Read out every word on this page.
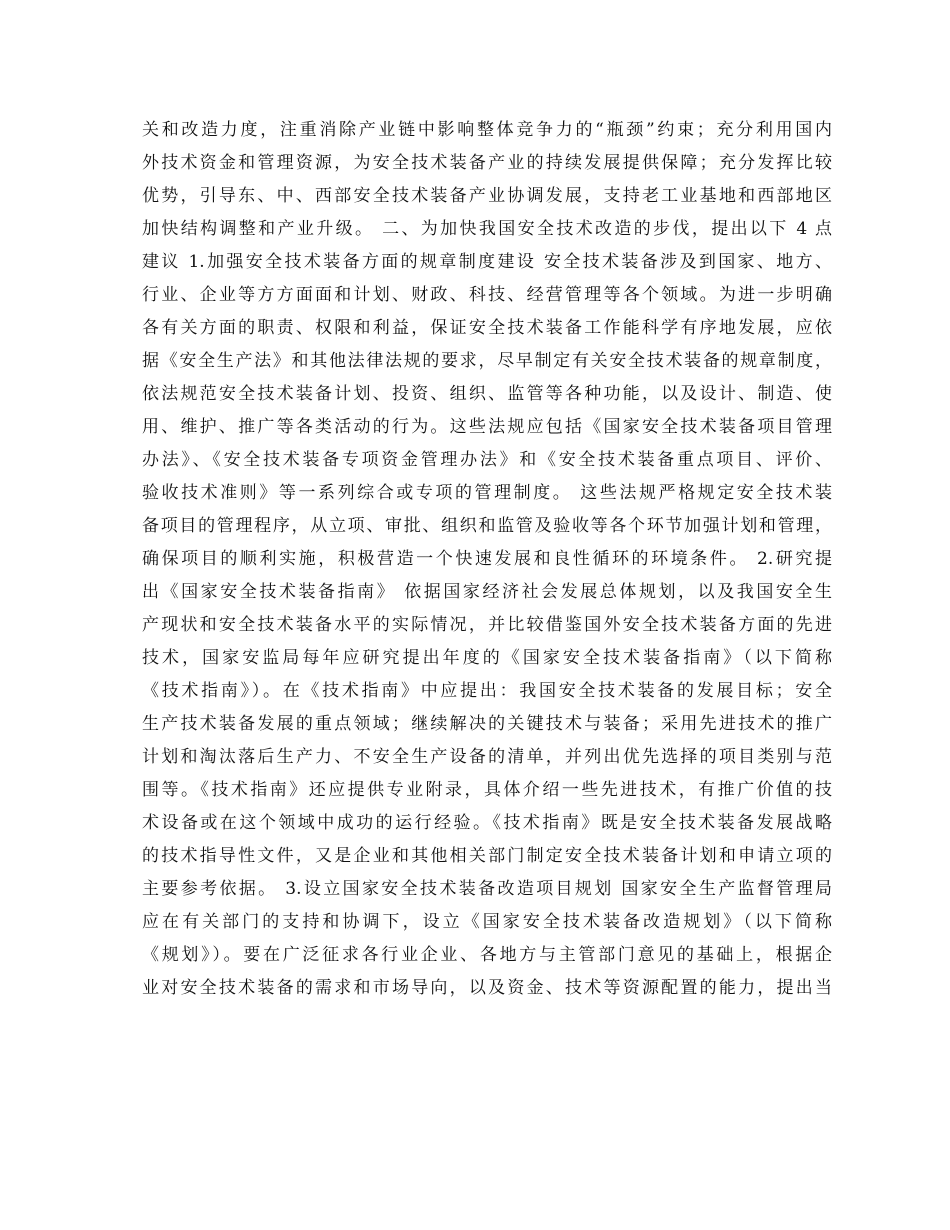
关和改造力度，注重消除产业链中影响整体竞争力的“瓶颈”约束；充分利用国内
外技术资金和管理资源，为安全技术装备产业的持续发展提供保障；充分发挥比较
优势，引导东、中、西部安全技术装备产业协调发展，支持老工业基地和西部地区
加快结构调整和产业升级。 二、为加快我国安全技术改造的步伐，提出以下 4 点
建议 1.加强安全技术装备方面的规章制度建设 安全技术装备涉及到国家、地方、
行业、企业等方方面面和计划、财政、科技、经营管理等各个领域。为进一步明确
各有关方面的职责、权限和利益，保证安全技术装备工作能科学有序地发展，应依
据《安全生产法》和其他法律法规的要求，尽早制定有关安全技术装备的规章制度，
依法规范安全技术装备计划、投资、组织、监管等各种功能，以及设计、制造、使
用、维护、推广等各类活动的行为。这些法规应包括《国家安全技术装备项目管理
办法》、《安全技术装备专项资金管理办法》和《安全技术装备重点项目、评价、
验收技术准则》等一系列综合或专项的管理制度。 这些法规严格规定安全技术装
备项目的管理程序，从立项、审批、组织和监管及验收等各个环节加强计划和管理，
确保项目的顺利实施，积极营造一个快速发展和良性循环的环境条件。 2.研究提
出《国家安全技术装备指南》 依据国家经济社会发展总体规划，以及我国安全生
产现状和安全技术装备水平的实际情况，并比较借鉴国外安全技术装备方面的先进
技术，国家安监局每年应研究提出年度的《国家安全技术装备指南》（以下简称
《技术指南》）。在《技术指南》中应提出：我国安全技术装备的发展目标；安全
生产技术装备发展的重点领域；继续解决的关键技术与装备；采用先进技术的推广
计划和淘汰落后生产力、不安全生产设备的清单，并列出优先选择的项目类别与范
围等。《技术指南》还应提供专业附录，具体介绍一些先进技术，有推广价值的技
术设备或在这个领域中成功的运行经验。《技术指南》既是安全技术装备发展战略
的技术指导性文件，又是企业和其他相关部门制定安全技术装备计划和申请立项的
主要参考依据。 3.设立国家安全技术装备改造项目规划 国家安全生产监督管理局
应在有关部门的支持和协调下，设立《国家安全技术装备改造规划》（以下简称
《规划》）。要在广泛征求各行业企业、各地方与主管部门意见的基础上，根据企
业对安全技术装备的需求和市场导向，以及资金、技术等资源配置的能力，提出当
